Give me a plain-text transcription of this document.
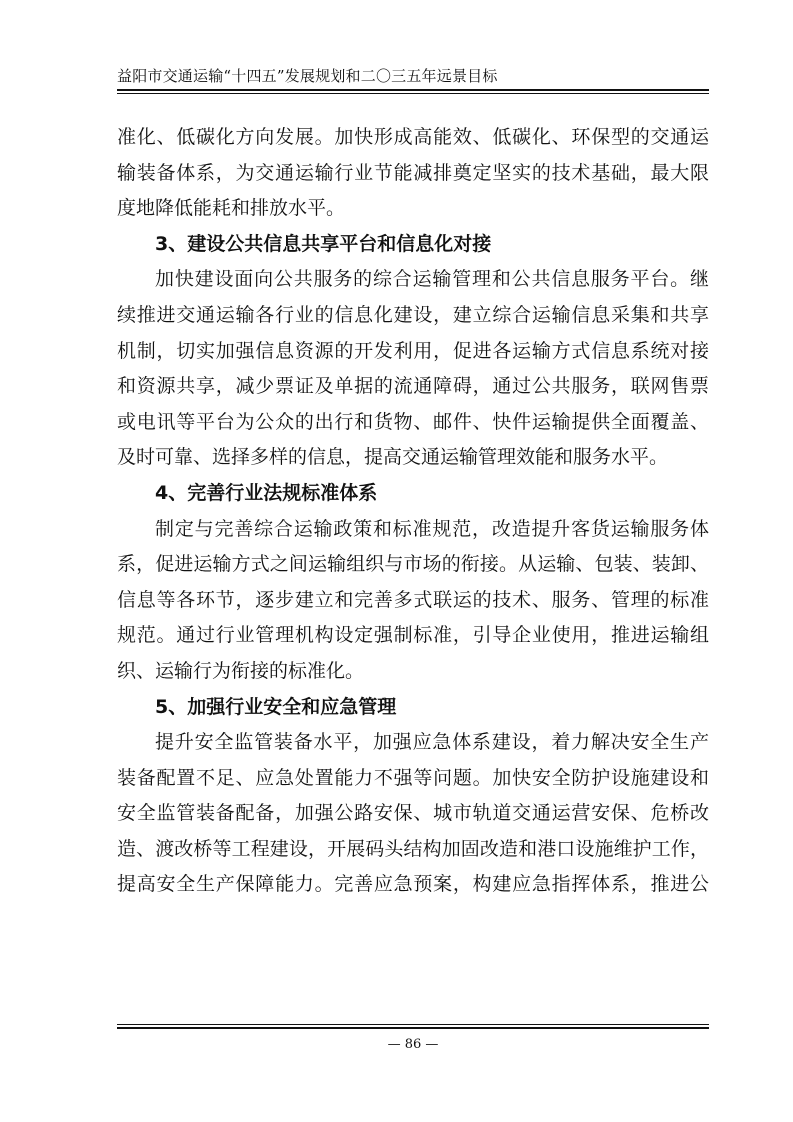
益阳市交通运输“十四五”发展规划和二〇三五年远景目标
准化、低碳化方向发展。加快形成高能效、低碳化、环保型的交通运
输装备体系，为交通运输行业节能减排奠定坚实的技术基础，最大限
度地降低能耗和排放水平。
3、建设公共信息共享平台和信息化对接
加快建设面向公共服务的综合运输管理和公共信息服务平台。继
续推进交通运输各行业的信息化建设，建立综合运输信息采集和共享
机制，切实加强信息资源的开发利用，促进各运输方式信息系统对接
和资源共享，减少票证及单据的流通障碍，通过公共服务，联网售票
或电讯等平台为公众的出行和货物、邮件、快件运输提供全面覆盖、
及时可靠、选择多样的信息，提高交通运输管理效能和服务水平。
4、完善行业法规标准体系
制定与完善综合运输政策和标准规范，改造提升客货运输服务体
系，促进运输方式之间运输组织与市场的衔接。从运输、包装、装卸、
信息等各环节，逐步建立和完善多式联运的技术、服务、管理的标准
规范。通过行业管理机构设定强制标准，引导企业使用，推进运输组
织、运输行为衔接的标准化。
5、加强行业安全和应急管理
提升安全监管装备水平，加强应急体系建设，着力解决安全生产
装备配置不足、应急处置能力不强等问题。加快安全防护设施建设和
安全监管装备配备，加强公路安保、城市轨道交通运营安保、危桥改
造、渡改桥等工程建设，开展码头结构加固改造和港口设施维护工作，
提高安全生产保障能力。完善应急预案，构建应急指挥体系，推进公
— 86 —
